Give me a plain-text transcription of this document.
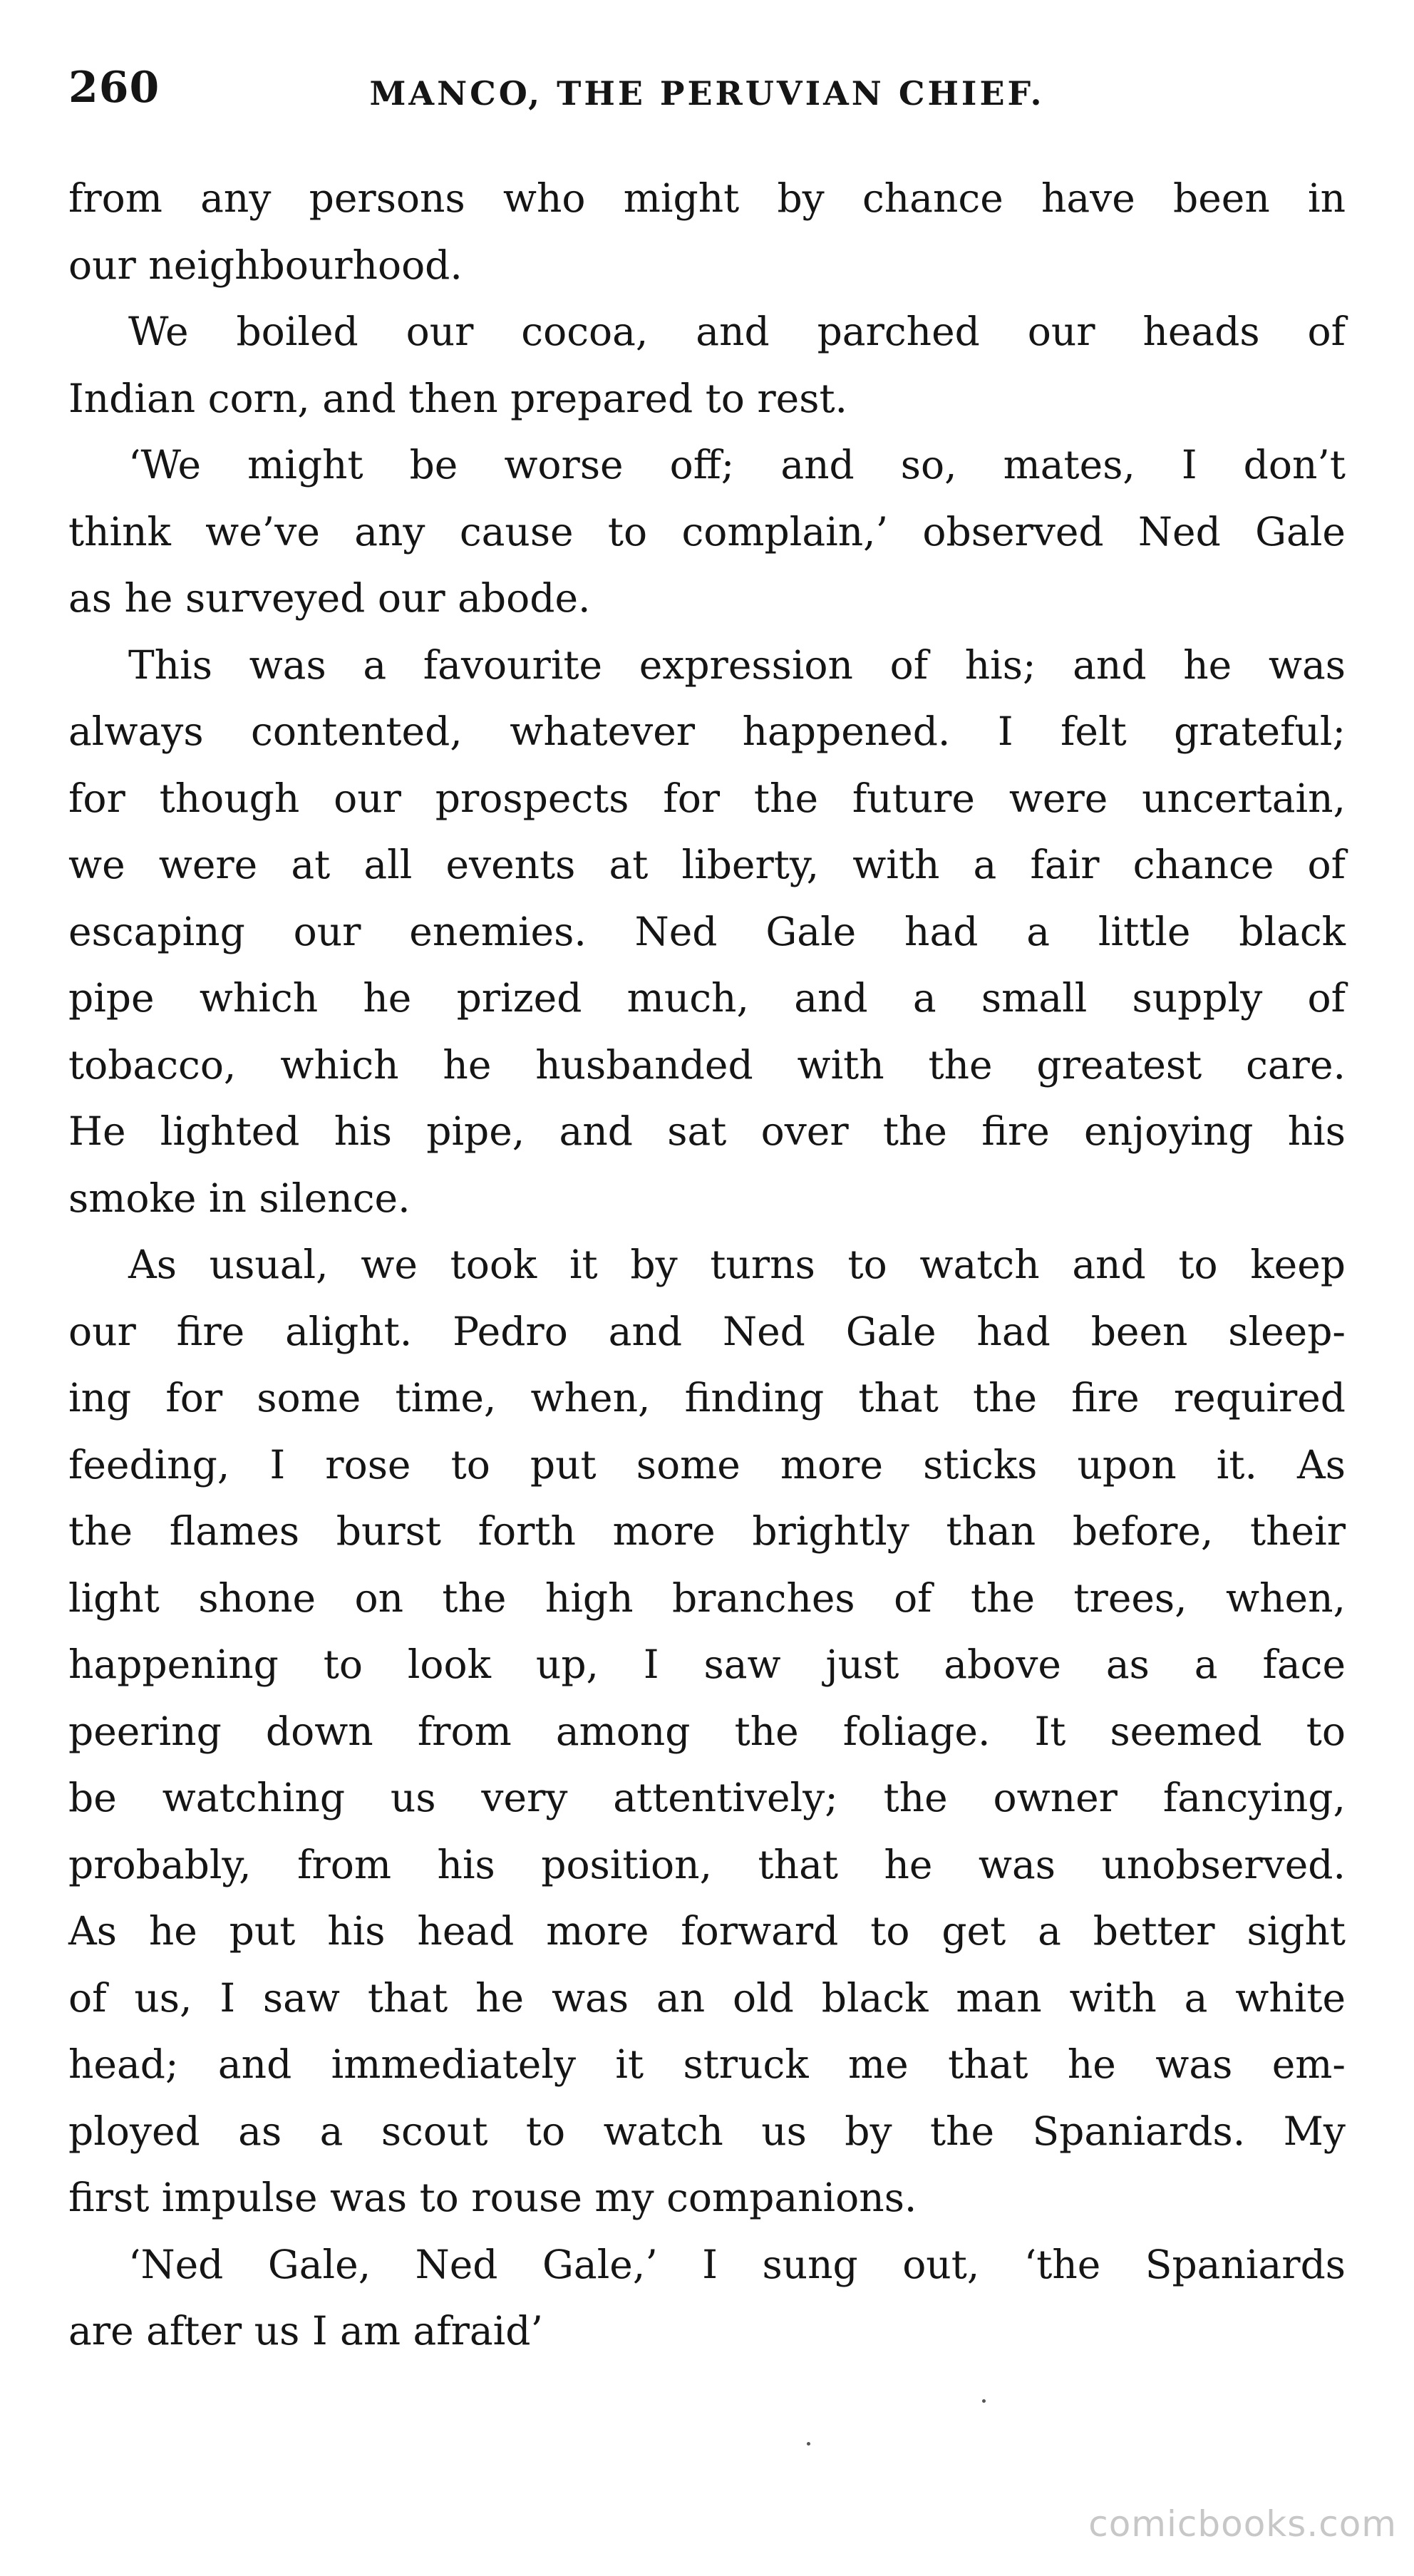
260	MANCO, THE PERUVIAN CHIEF.
from any persons who might by chance have been in
our neighbourhood.
We boiled our cocoa, and parched our heads of
Indian corn, and then prepared to rest.
‘We might be worse off; and so, mates, I don’t
think we’ve any cause to complain,’ observed Ned Gale
as he surveyed our abode.
This was a favourite expression of his; and he was
always contented, whatever happened. I felt grateful;
for though our prospects for the future were uncertain,
we were at all events at liberty, with a fair chance of
escaping our enemies. Ned Gale had a little black
pipe which he prized much, and a small supply of
tobacco, which he husbanded with the greatest care.
He lighted his pipe, and sat over the fire enjoying his
smoke in silence.
As usual, we took it by turns to watch and to keep
our fire alight. Pedro and Ned Gale had been sleep-
ing for some time, when, finding that the fire required
feeding, I rose to put some more sticks upon it. As
the flames burst forth more brightly than before, their
light shone on the high branches of the trees, when,
happening to look up, I saw just above as a face
peering down from among the foliage. It seemed to
be watching us very attentively; the owner fancying,
probably, from his position, that he was unobserved.
As he put his head more forward to get a better sight
of us, I saw that he was an old black man with a white
head; and immediately it struck me that he was em-
ployed as a scout to watch us by the Spaniards. My
first impulse was to rouse my companions.
‘Ned Gale, Ned Gale,’ I sung out, ‘the Spaniards
are after us I am afraid’
comicbooks.com
